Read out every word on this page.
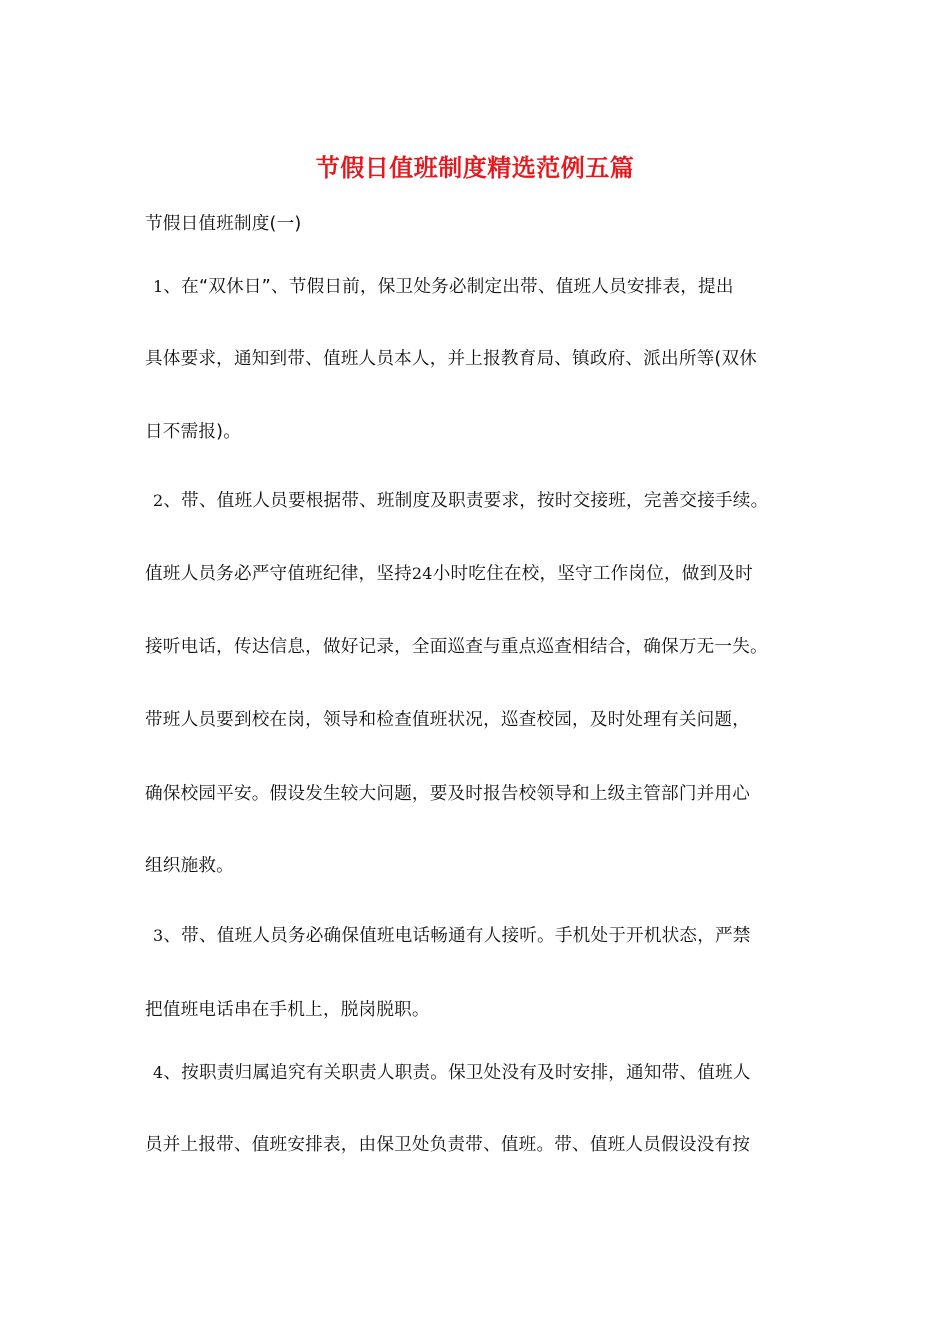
节假日值班制度精选范例五篇
节假日值班制度(一)
1、在“双休日”、节假日前，保卫处务必制定出带、值班人员安排表，提出
具体要求，通知到带、值班人员本人，并上报教育局、镇政府、派出所等(双休
日不需报)。
2、带、值班人员要根据带、班制度及职责要求，按时交接班，完善交接手续。
值班人员务必严守值班纪律，坚持24小时吃住在校，坚守工作岗位，做到及时
接听电话，传达信息，做好记录，全面巡查与重点巡查相结合，确保万无一失。
带班人员要到校在岗，领导和检查值班状况，巡查校园，及时处理有关问题，
确保校园平安。假设发生较大问题，要及时报告校领导和上级主管部门并用心
组织施救。
3、带、值班人员务必确保值班电话畅通有人接听。手机处于开机状态，严禁
把值班电话串在手机上，脱岗脱职。
4、按职责归属追究有关职责人职责。保卫处没有及时安排，通知带、值班人
员并上报带、值班安排表，由保卫处负责带、值班。带、值班人员假设没有按
